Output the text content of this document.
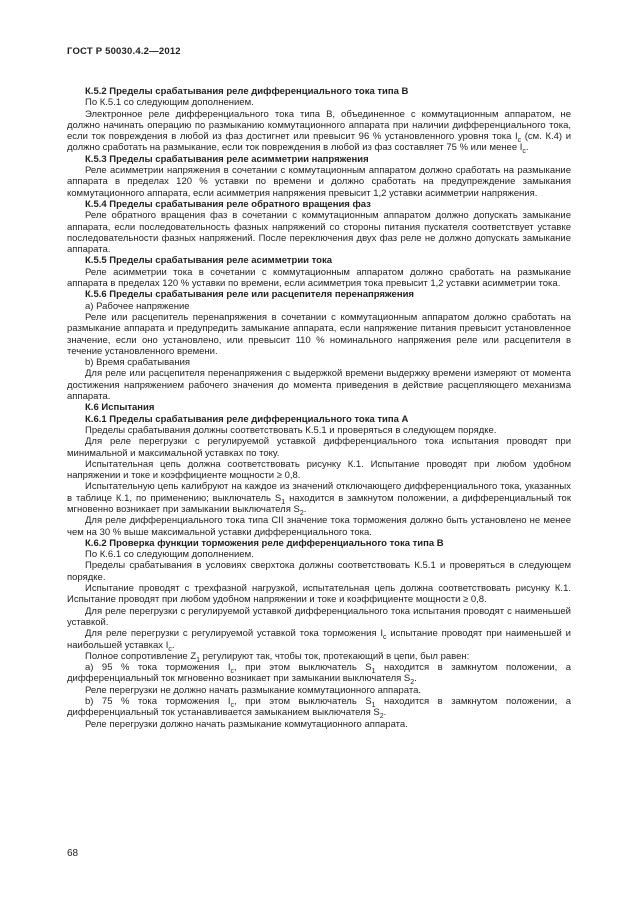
ГОСТ Р 50030.4.2—2012
К.5.2 Пределы срабатывания реле дифференциального тока типа В
По К.5.1 со следующим дополнением.
Электронное реле дифференциального тока типа В, объединенное с коммутационным аппаратом, не должно начинать операцию по размыканию коммутационного аппарата при наличии дифференциального тока, если ток повреждения в любой из фаз достигнет или превысит 96 % установленного уровня тока $I_c$ (см. К.4) и должно сработать на размыкание, если ток повреждения в любой из фаз составляет 75 % или менее $I_c$.
К.5.3 Пределы срабатывания реле асимметрии напряжения
Реле асимметрии напряжения в сочетании с коммутационным аппаратом должно сработать на размыкание аппарата в пределах 120 % уставки по времени и должно сработать на предупреждение замыкания коммутационного аппарата, если асимметрия напряжения превысит 1,2 уставки асимметрии напряжения.
К.5.4 Пределы срабатывания реле обратного вращения фаз
Реле обратного вращения фаз в сочетании с коммутационным аппаратом должно допускать замыкание аппарата, если последовательность фазных напряжений со стороны питания пускателя соответствует уставке последовательности фазных напряжений. После переключения двух фаз реле не должно допускать замыкание аппарата.
К.5.5 Пределы срабатывания реле асимметрии тока
Реле асимметрии тока в сочетании с коммутационным аппаратом должно сработать на размыкание аппарата в пределах 120 % уставки по времени, если асимметрия тока превысит 1,2 уставки асимметрии тока.
К.5.6 Пределы срабатывания реле или расцепителя перенапряжения
a) Рабочее напряжение
Реле или расцепитель перенапряжения в сочетании с коммутационным аппаратом должно сработать на размыкание аппарата и предупредить замыкание аппарата, если напряжение питания превысит установленное значение, если оно установлено, или превысит 110 % номинального напряжения реле или расцепителя в течение установленного времени.
b) Время срабатывания
Для реле или расцепителя перенапряжения с выдержкой времени выдержку времени измеряют от момента достижения напряжением рабочего значения до момента приведения в действие расцепляющего механизма аппарата.
К.6 Испытания
К.6.1 Пределы срабатывания реле дифференциального тока типа А
Пределы срабатывания должны соответствовать К.5.1 и проверяться в следующем порядке.
Для реле перегрузки с регулируемой уставкой дифференциального тока испытания проводят при минимальной и максимальной уставках по току.
Испытательная цепь должна соответствовать рисунку К.1. Испытание проводят при любом удобном напряжении и токе и коэффициенте мощности ≥ 0,8.
Испытательную цепь калибруют на каждое из значений отключающего дифференциального тока, указанных в таблице К.1, по применению; выключатель $S_1$ находится в замкнутом положении, а дифференциальный ток мгновенно возникает при замыкании выключателя $S_2$.
Для реле дифференциального тока типа СII значение тока торможения должно быть установлено не менее чем на 30 % выше максимальной уставки дифференциального тока.
К.6.2 Проверка функции торможения реле дифференциального тока типа В
По К.6.1 со следующим дополнением.
Пределы срабатывания в условиях сверхтока должны соответствовать К.5.1 и проверяться в следующем порядке.
Испытание проводят с трехфазной нагрузкой, испытательная цепь должна соответствовать рисунку К.1. Испытание проводят при любом удобном напряжении и токе и коэффициенте мощности ≥ 0,8.
Для реле перегрузки с регулируемой уставкой дифференциального тока испытания проводят с наименьшей уставкой.
Для реле перегрузки с регулируемой уставкой тока торможения $I_c$ испытание проводят при наименьшей и наибольшей уставках $I_c$.
Полное сопротивление $Z_1$ регулируют так, чтобы ток, протекающий в цепи, был равен:
a) 95 % тока торможения $I_c$, при этом выключатель $S_1$ находится в замкнутом положении, а дифференциальный ток мгновенно возникает при замыкании выключателя $S_2$.
Реле перегрузки не должно начать размыкание коммутационного аппарата.
b) 75 % тока торможения $I_c$, при этом выключатель $S_1$ находится в замкнутом положении, а дифференциальный ток устанавливается замыканием выключателя $S_2$.
Реле перегрузки должно начать размыкание коммутационного аппарата.
68
